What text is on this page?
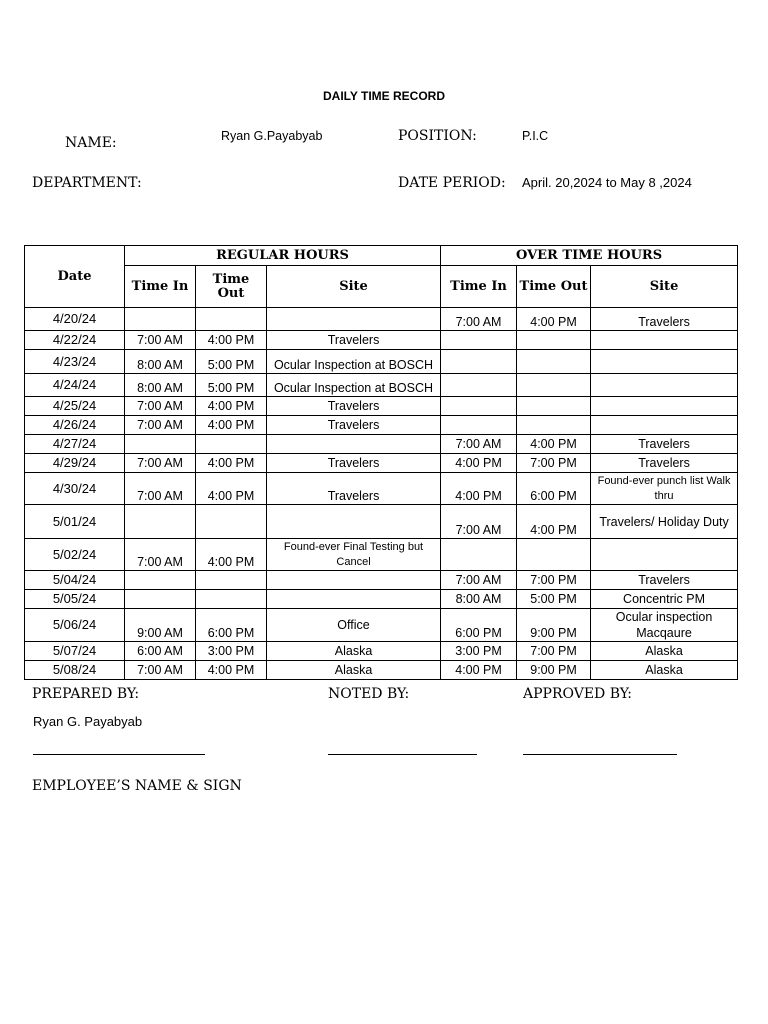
DAILY TIME RECORD
NAME:	Ryan G.Payabyab	POSITION:	P.I.C
DEPARTMENT:	DATE PERIOD: April. 20,2024 to May 8 ,2024
Date	REGULAR HOURS			OVER TIME HOURS		
	Time In	Time Out	Site	Time In	Time Out	Site
4/20/24				7:00 AM	4:00 PM	Travelers
4/22/24	7:00 AM	4:00 PM	Travelers			
4/23/24	8:00 AM	5:00 PM	Ocular Inspection at BOSCH			
4/24/24	8:00 AM	5:00 PM	Ocular Inspection at BOSCH			
4/25/24	7:00 AM	4:00 PM	Travelers			
4/26/24	7:00 AM	4:00 PM	Travelers			
4/27/24				7:00 AM	4:00 PM	Travelers
4/29/24	7:00 AM	4:00 PM	Travelers	4:00 PM	7:00 PM	Travelers
4/30/24	7:00 AM	4:00 PM	Travelers	4:00 PM	6:00 PM	Found-ever punch list Walk thru
5/01/24				7:00 AM	4:00 PM	Travelers/ Holiday Duty
5/02/24	7:00 AM	4:00 PM	Found-ever Final Testing but Cancel			
5/04/24				7:00 AM	7:00 PM	Travelers
5/05/24				8:00 AM	5:00 PM	Concentric PM
5/06/24	9:00 AM	6:00 PM	Office	6:00 PM	9:00 PM	Ocular inspection Macqaure
5/07/24	6:00 AM	3:00 PM	Alaska	3:00 PM	7:00 PM	Alaska
5/08/24	7:00 AM	4:00 PM	Alaska	4:00 PM	9:00 PM	Alaska
PREPARED BY:	NOTED BY:	APPROVED BY:
Ryan G. Payabyab
EMPLOYEE’S NAME & SIGN
